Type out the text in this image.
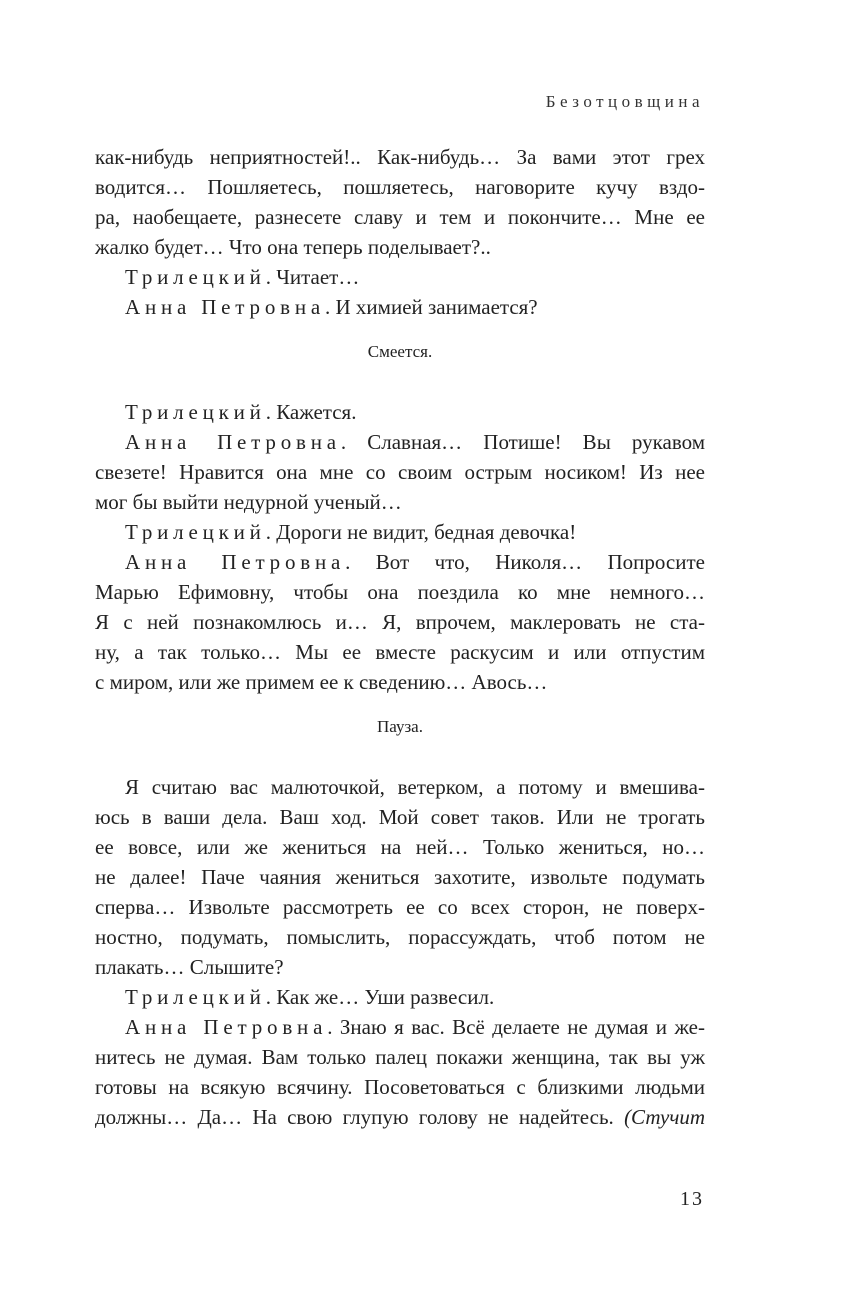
Безотцовщина
как-нибудь неприятностей!.. Как-нибудь… За вами этот грех
водится… Пошляетесь, пошляетесь, наговорите кучу вздо-
ра, наобещаете, разнесете славу и тем и покончите… Мне ее
жалко будет… Что она теперь поделывает?..
Трилецкий. Читает…
Анна Петровна. И химией занимается?
Смеется.
Трилецкий. Кажется.
Анна Петровна. Славная… Потише! Вы рукавом
свезете! Нравится она мне со своим острым носиком! Из нее
мог бы выйти недурной ученый…
Трилецкий. Дороги не видит, бедная девочка!
Анна Петровна. Вот что, Николя… Попросите
Марью Ефимовну, чтобы она поездила ко мне немного…
Я с ней познакомлюсь и… Я, впрочем, маклеровать не ста-
ну, а так только… Мы ее вместе раскусим и или отпустим
с миром, или же примем ее к сведению… Авось…
Пауза.
Я считаю вас малюточкой, ветерком, а потому и вмешива-
юсь в ваши дела. Ваш ход. Мой совет таков. Или не трогать
ее вовсе, или же жениться на ней… Только жениться, но…
не далее! Паче чаяния жениться захотите, извольте подумать
сперва… Извольте рассмотреть ее со всех сторон, не поверх-
ностно, подумать, помыслить, порассуждать, чтоб потом не
плакать… Слышите?
Трилецкий. Как же… Уши развесил.
Анна Петровна. Знаю я вас. Всё делаете не думая и же-
нитесь не думая. Вам только палец покажи женщина, так вы уж
готовы на всякую всячину. Посоветоваться с близкими людьми
должны… Да… На свою глупую голову не надейтесь. (Стучит
13
